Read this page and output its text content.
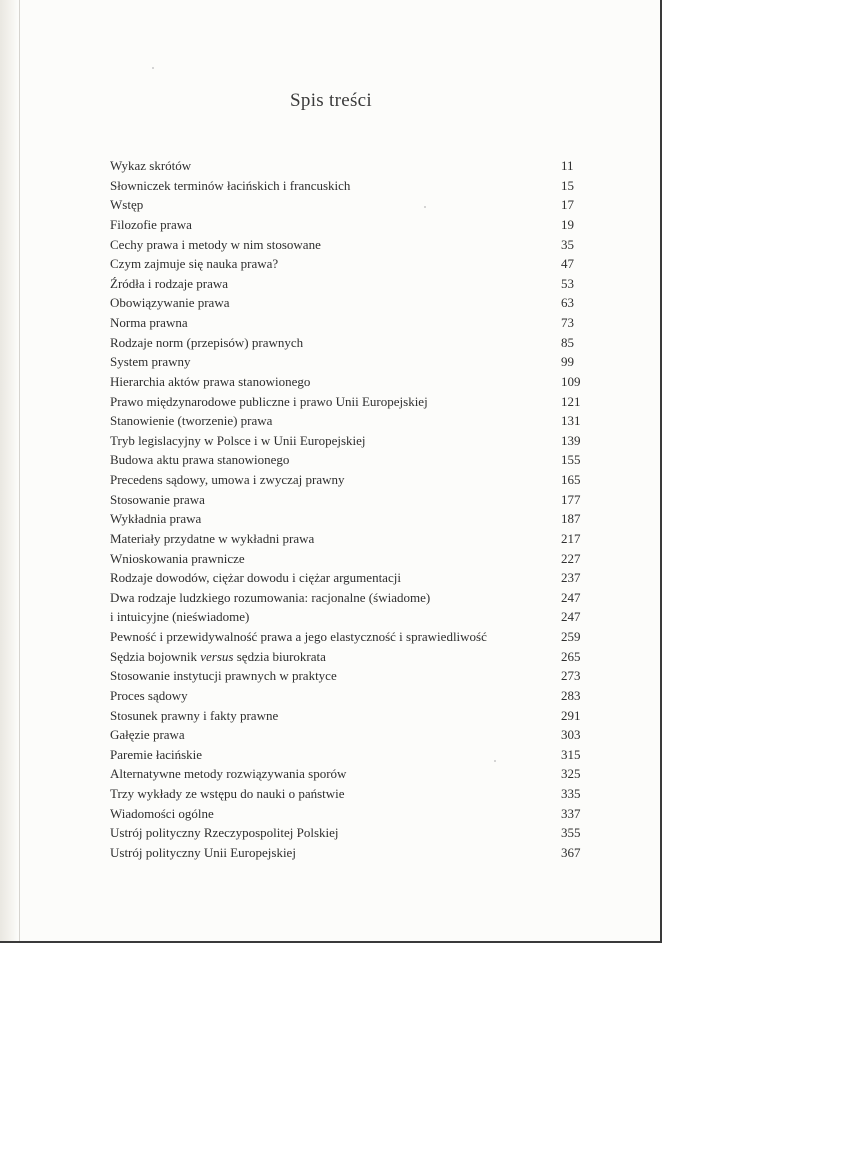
Spis treści
Wykaz skrótów	11
Słowniczek terminów łacińskich i francuskich	15
Wstęp	17
Filozofie prawa	19
Cechy prawa i metody w nim stosowane	35
Czym zajmuje się nauka prawa?	47
Źródła i rodzaje prawa	53
Obowiązywanie prawa	63
Norma prawna	73
Rodzaje norm (przepisów) prawnych	85
System prawny	99
Hierarchia aktów prawa stanowionego	109
Prawo międzynarodowe publiczne i prawo Unii Europejskiej	121
Stanowienie (tworzenie) prawa	131
Tryb legislacyjny w Polsce i w Unii Europejskiej	139
Budowa aktu prawa stanowionego	155
Precedens sądowy, umowa i zwyczaj prawny	165
Stosowanie prawa	177
Wykładnia prawa	187
Materiały przydatne w wykładni prawa	217
Wnioskowania prawnicze	227
Rodzaje dowodów, ciężar dowodu i ciężar argumentacji	237
Dwa rodzaje ludzkiego rozumowania: racjonalne (świadome)	247
i intuicyjne (nieświadome)	247
Pewność i przewidywalność prawa a jego elastyczność i sprawiedliwość	259
Sędzia bojownik versus sędzia biurokrata	265
Stosowanie instytucji prawnych w praktyce	273
Proces sądowy	283
Stosunek prawny i fakty prawne	291
Gałęzie prawa	303
Paremie łacińskie	315
Alternatywne metody rozwiązywania sporów	325
Trzy wykłady ze wstępu do nauki o państwie	335
Wiadomości ogólne	337
Ustrój polityczny Rzeczypospolitej Polskiej	355
Ustrój polityczny Unii Europejskiej	367
